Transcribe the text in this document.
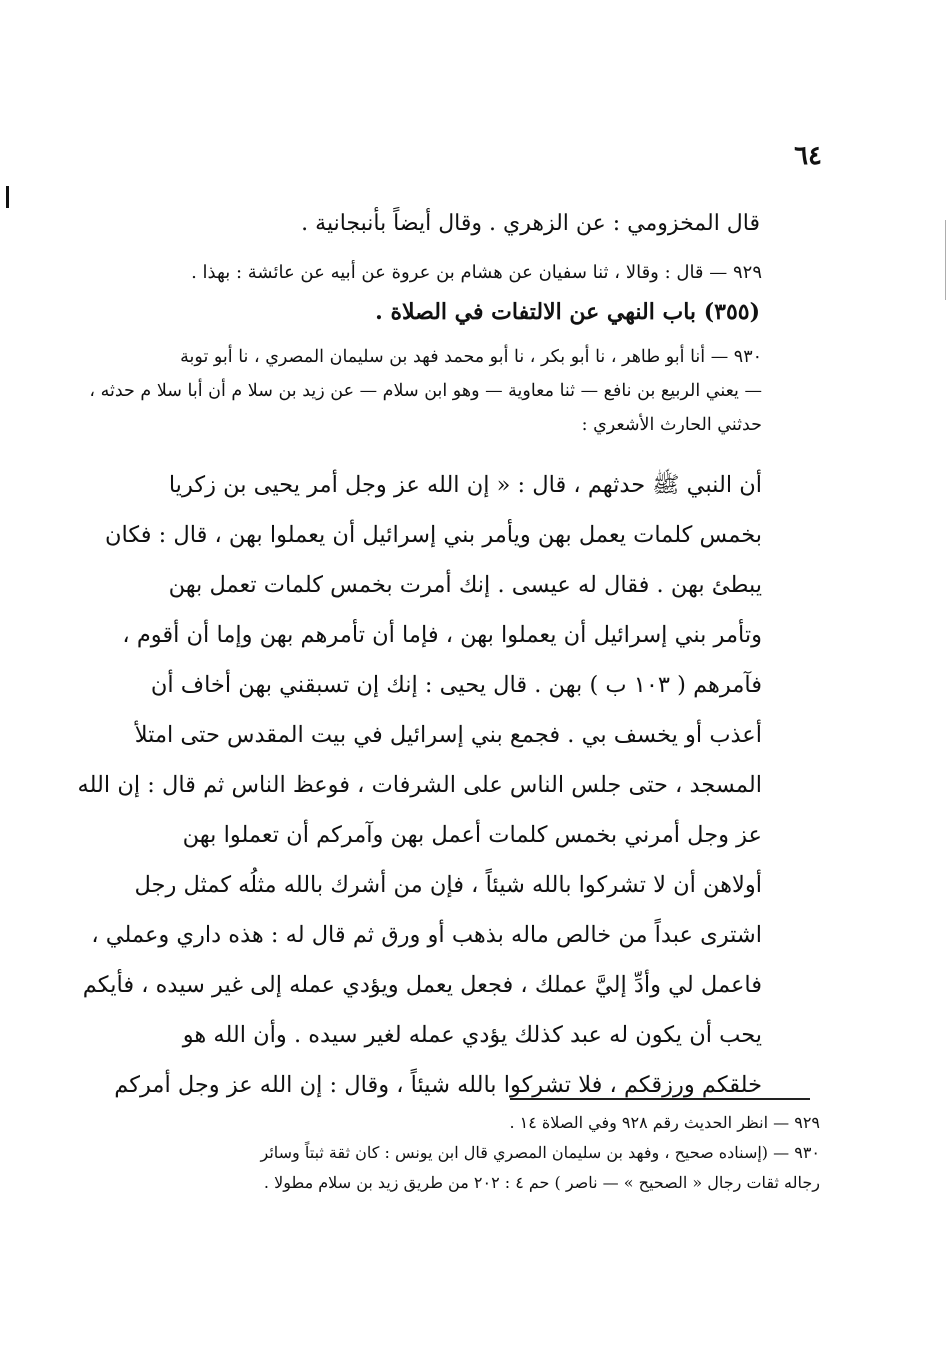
٦٤
قال المخزومي : عن الزهري . وقال أيضاً بأنبجانية .
٩٢٩ — قال : وقالا ، ثنا سفيان عن هشام بن عروة عن أبيه عن عائشة : بهذا .
(٣٥٥) باب النهي عن الالتفات في الصلاة .
٩٣٠ — أنا أبو طاهر ، نا أبو بكر ، نا أبو محمد فهد بن سليمان المصري ، نا أبو توبة
— يعني الربيع بن نافع — ثنا معاوية — وهو ابن سلام — عن زيد بن سلا م أن أبا سلا م حدثه ،
حدثني الحارث الأشعري :
أن النبي ﷺ حدثهم ، قال : « إن الله عز وجل أمر يحيى بن زكريا
بخمس كلمات يعمل بهن ويأمر بني إسرائيل أن يعملوا بهن ، قال : فكان
يبطئ بهن . فقال له عيسى . إنك أمرت بخمس كلمات تعمل بهن
وتأمر بني إسرائيل أن يعملوا بهن ، فإما أن تأمرهم بهن وإما أن أقوم ،
فآمرهم ( ١٠٣ ب ) بهن . قال يحيى : إنك إن تسبقني بهن أخاف أن
أعذب أو يخسف بي . فجمع بني إسرائيل في بيت المقدس حتى امتلأ
المسجد ، حتى جلس الناس على الشرفات ، فوعظ الناس ثم قال : إن الله
عز وجل أمرني بخمس كلمات أعمل بهن وآمركم أن تعملوا بهن
أولاهن أن لا تشركوا بالله شيئاً ، فإن من أشرك بالله مثلُه كمثل رجل
اشترى عبداً من خالص ماله بذهب أو ورق ثم قال له : هذه داري وعملي ،
فاعمل لي وأدِّ إليَّ عملك ، فجعل يعمل ويؤدي عمله إلى غير سيده ، فأيكم
يحب أن يكون له عبد كذلك يؤدي عمله لغير سيده . وأن الله هو
خلقكم ورزقكم ، فلا تشركوا بالله شيئاً ، وقال : إن الله عز وجل أمركم
٩٢٩ — انظر الحديث رقم ٩٢٨ وفي الصلاة ١٤ .
٩٣٠ — (إسناده صحيح ، وفهد بن سليمان المصري قال ابن يونس : كان ثقة ثبتاً وسائر
رجاله ثقات رجال « الصحيح » — ناصر ) حم ٤ : ٢٠٢ من طريق زيد بن سلام مطولا .
